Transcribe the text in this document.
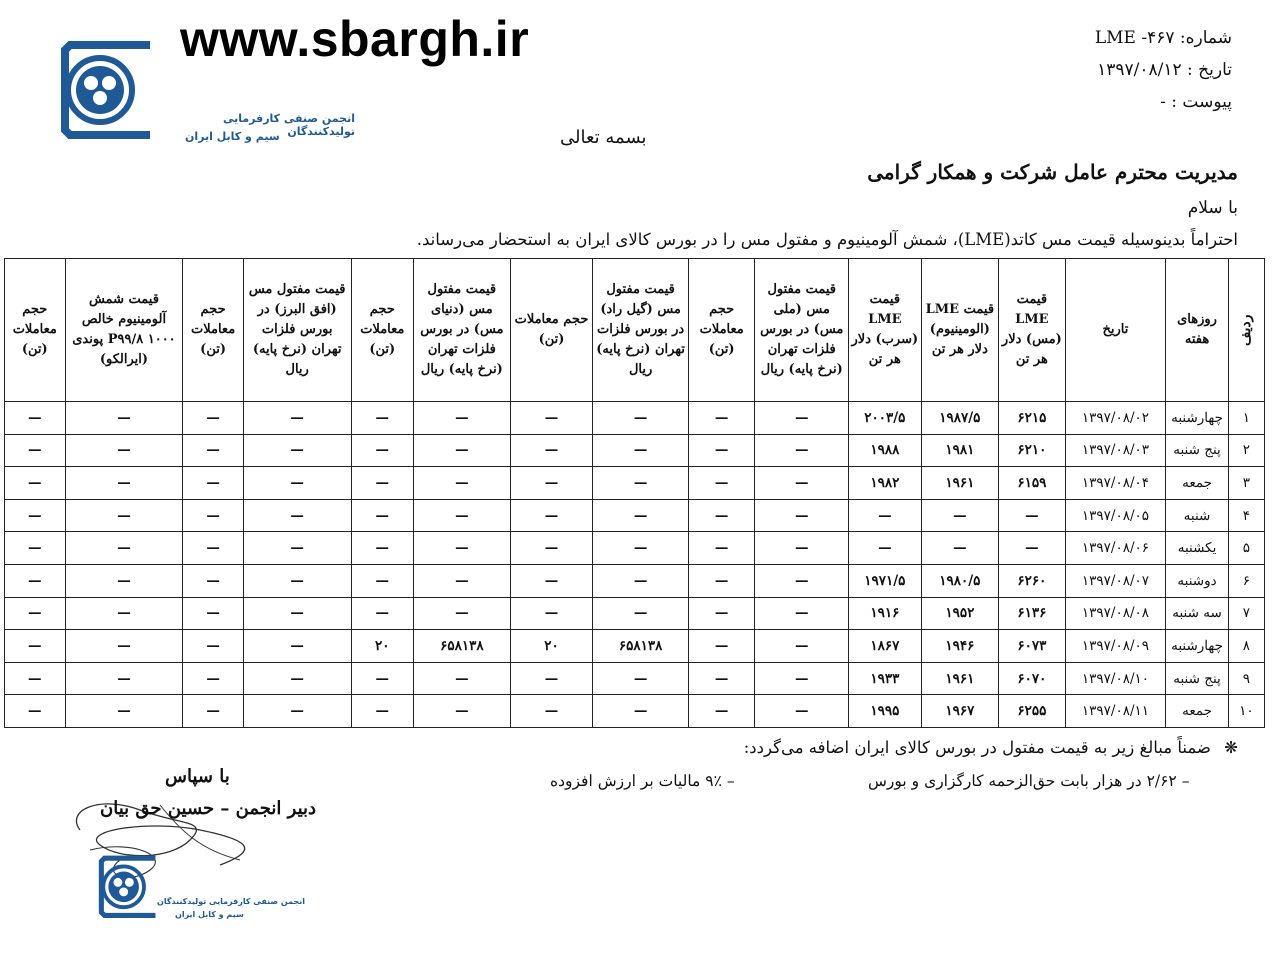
www.sbargh.ir
انجمن صنفی کارفرمایی تولیدکنندگان
سیم و کابل ایران
شماره: ۴۶۷- LME
تاریخ : ۱۳۹۷/۰۸/۱۲
پیوست : -
بسمه تعالی
مدیریت محترم عامل شرکت و همکار گرامی
با سلام
احتراماً بدینوسیله قیمت مس کاتد(LME)، شمش آلومینیوم و مفتول مس را در بورس کالای ایران به استحضار می‌رساند.
ردیف	روزهای هفته	تاریخ	قیمت LME (مس) دلار هر تن	قیمت LME (الومینیوم) دلار هر تن	قیمت LME (سرب) دلار هر تن	قیمت مفتول مس (ملی مس) در بورس فلزات تهران (نرخ پایه) ریال	حجم معاملات (تن)	قیمت مفتول مس (گیل راد) در بورس فلزات تهران (نرخ پایه) ریال	حجم معاملات (تن)	قیمت مفتول مس (دنیای مس) در بورس فلزات تهران (نرخ پایه) ریال	حجم معاملات (تن)	قیمت مفتول مس (افق البرز) در بورس فلزات تهران (نرخ پایه) ریال	حجم معاملات (تن)	قیمت شمش آلومینیوم خالص P۹۹/۸ ۱۰۰۰ پوندی (ایرالکو)	حجم معاملات (تن)
۱	چهارشنبه	۱۳۹۷/۰۸/۰۲	۶۲۱۵	۱۹۸۷/۵	۲۰۰۳/۵	—	—	—	—	—	—	—	—	—	—
۲	پنج شنبه	۱۳۹۷/۰۸/۰۳	۶۲۱۰	۱۹۸۱	۱۹۸۸	—	—	—	—	—	—	—	—	—	—
۳	جمعه	۱۳۹۷/۰۸/۰۴	۶۱۵۹	۱۹۶۱	۱۹۸۲	—	—	—	—	—	—	—	—	—	—
۴	شنبه	۱۳۹۷/۰۸/۰۵	—	—	—	—	—	—	—	—	—	—	—	—	—
۵	یکشنبه	۱۳۹۷/۰۸/۰۶	—	—	—	—	—	—	—	—	—	—	—	—	—
۶	دوشنبه	۱۳۹۷/۰۸/۰۷	۶۲۶۰	۱۹۸۰/۵	۱۹۷۱/۵	—	—	—	—	—	—	—	—	—	—
۷	سه شنبه	۱۳۹۷/۰۸/۰۸	۶۱۳۶	۱۹۵۲	۱۹۱۶	—	—	—	—	—	—	—	—	—	—
۸	چهارشنبه	۱۳۹۷/۰۸/۰۹	۶۰۷۳	۱۹۴۶	۱۸۶۷	—	—	۶۵۸۱۳۸	۲۰	۶۵۸۱۳۸	۲۰	—	—	—	—
۹	پنج شنبه	۱۳۹۷/۰۸/۱۰	۶۰۷۰	۱۹۶۱	۱۹۳۳	—	—	—	—	—	—	—	—	—	—
۱۰	جمعه	۱۳۹۷/۰۸/۱۱	۶۲۵۵	۱۹۶۷	۱۹۹۵	—	—	—	—	—	—	—	—	—	—
❋ ضمناً مبالغ زیر به قیمت مفتول در بورس کالای ایران اضافه می‌گردد:
– ۲/۶۲ در هزار بابت حق‌الزحمه کارگزاری و بورس
– ۹٪ مالیات بر ارزش افزوده
با سپاس
دبیر انجمن – حسین حق بیان
انجمن صنفی کارفرمایی تولیدکنندگان
سیم و کابل ایران
